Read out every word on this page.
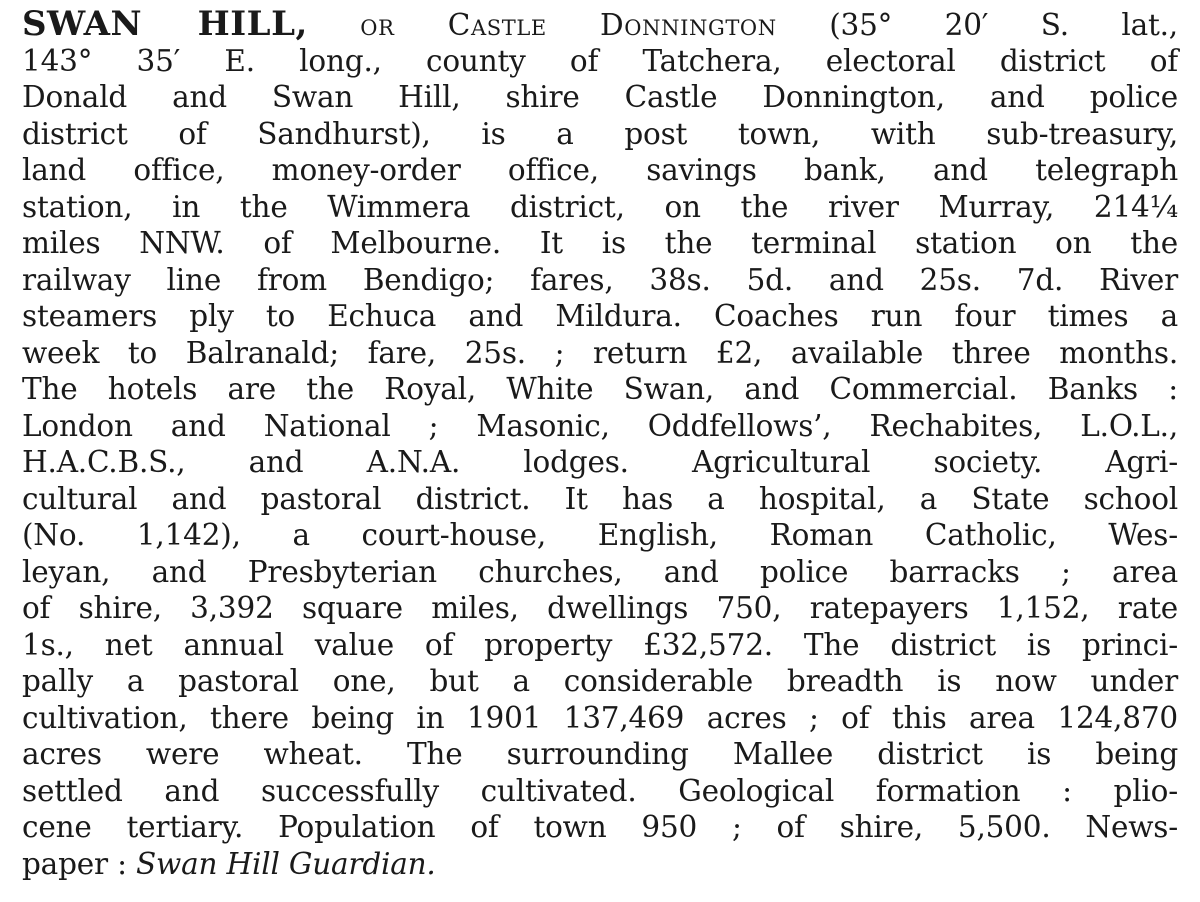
SWAN HILL, or Castle Donnington (35° 20′ S. lat.,
143° 35′ E. long., county of Tatchera, electoral district of
Donald and Swan Hill, shire Castle Donnington, and police
district of Sandhurst), is a post town, with sub-treasury,
land office, money-order office, savings bank, and telegraph
station, in the Wimmera district, on the river Murray, 214¼
miles NNW. of Melbourne. It is the terminal station on the
railway line from Bendigo; fares, 38s. 5d. and 25s. 7d. River
steamers ply to Echuca and Mildura. Coaches run four times a
week to Balranald; fare, 25s. ; return £2, available three months.
The hotels are the Royal, White Swan, and Commercial. Banks :
London and National ; Masonic, Oddfellows’, Rechabites, L.O.L.,
H.A.C.B.S., and A.N.A. lodges. Agricultural society. Agri-
cultural and pastoral district. It has a hospital, a State school
(No. 1,142), a court-house, English, Roman Catholic, Wes-
leyan, and Presbyterian churches, and police barracks ; area
of shire, 3,392 square miles, dwellings 750, ratepayers 1,152, rate
1s., net annual value of property £32,572. The district is princi-
pally a pastoral one, but a considerable breadth is now under
cultivation, there being in 1901 137,469 acres ; of this area 124,870
acres were wheat. The surrounding Mallee district is being
settled and successfully cultivated. Geological formation : plio-
cene tertiary. Population of town 950 ; of shire, 5,500. News-
paper : Swan Hill Guardian.
